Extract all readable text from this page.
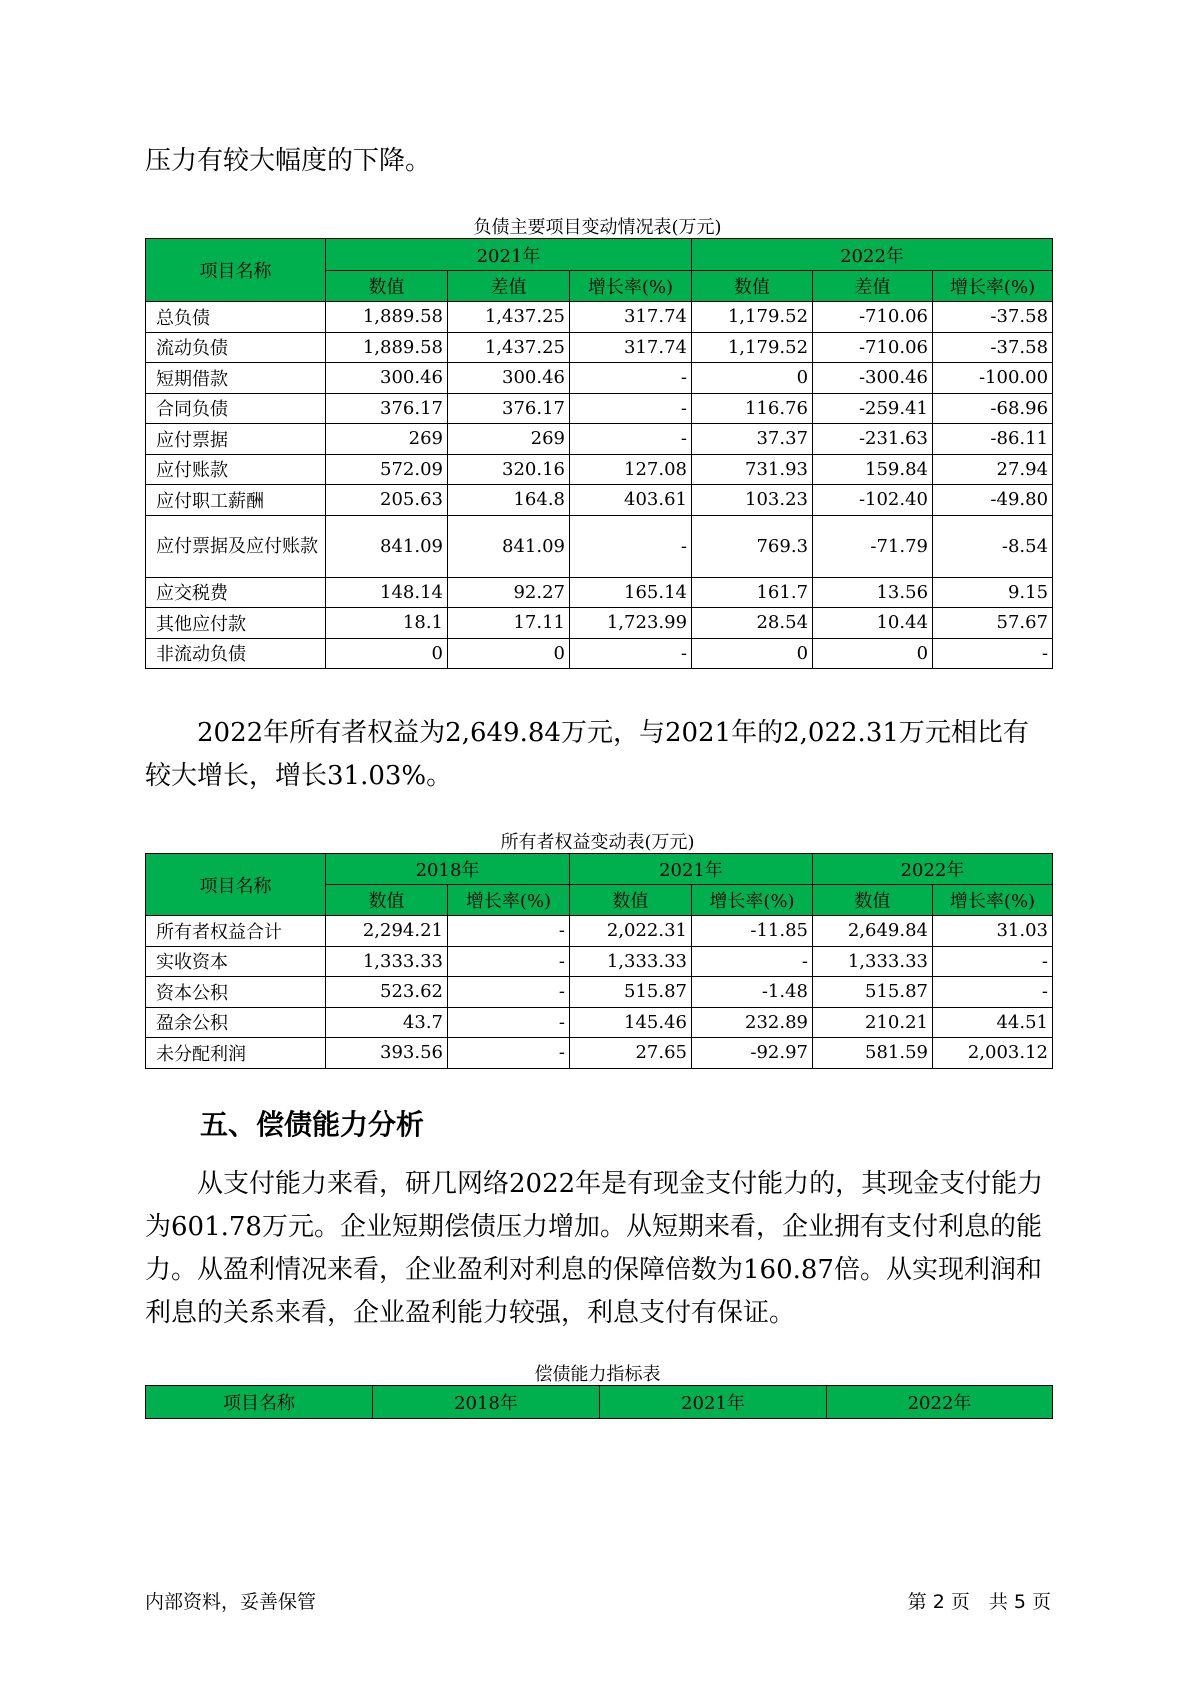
压力有较大幅度的下降。

负债主要项目变动情况表(万元)
项目名称	2021年			2022年		
	数值	差值	增长率(%)	数值	差值	增长率(%)
总负债	1,889.58	1,437.25	317.74	1,179.52	-710.06	-37.58
流动负债	1,889.58	1,437.25	317.74	1,179.52	-710.06	-37.58
短期借款	300.46	300.46	-	0	-300.46	-100.00
合同负债	376.17	376.17	-	116.76	-259.41	-68.96
应付票据	269	269	-	37.37	-231.63	-86.11
应付账款	572.09	320.16	127.08	731.93	159.84	27.94
应付职工薪酬	205.63	164.8	403.61	103.23	-102.40	-49.80
应付票据及应付账款	841.09	841.09	-	769.3	-71.79	-8.54
应交税费	148.14	92.27	165.14	161.7	13.56	9.15
其他应付款	18.1	17.11	1,723.99	28.54	10.44	57.67
非流动负债	0	0	-	0	0	-

2022年所有者权益为2,649.84万元，与2021年的2,022.31万元相比有较大增长，增长31.03%。

所有者权益变动表(万元)
项目名称	2018年		2021年		2022年	
	数值	增长率(%)	数值	增长率(%)	数值	增长率(%)
所有者权益合计	2,294.21	-	2,022.31	-11.85	2,649.84	31.03
实收资本	1,333.33	-	1,333.33	-	1,333.33	-
资本公积	523.62	-	515.87	-1.48	515.87	-
盈余公积	43.7	-	145.46	232.89	210.21	44.51
未分配利润	393.56	-	27.65	-92.97	581.59	2,003.12
五、偿债能力分析

从支付能力来看，研几网络2022年是有现金支付能力的，其现金支付能力为601.78万元。企业短期偿债压力增加。从短期来看，企业拥有支付利息的能力。从盈利情况来看，企业盈利对利息的保障倍数为160.87倍。从实现利润和利息的关系来看，企业盈利能力较强，利息支付有保证。

偿债能力指标表
项目名称	2018年	2021年	2022年
内部资料，妥善保管	第 2 页　共 5 页
